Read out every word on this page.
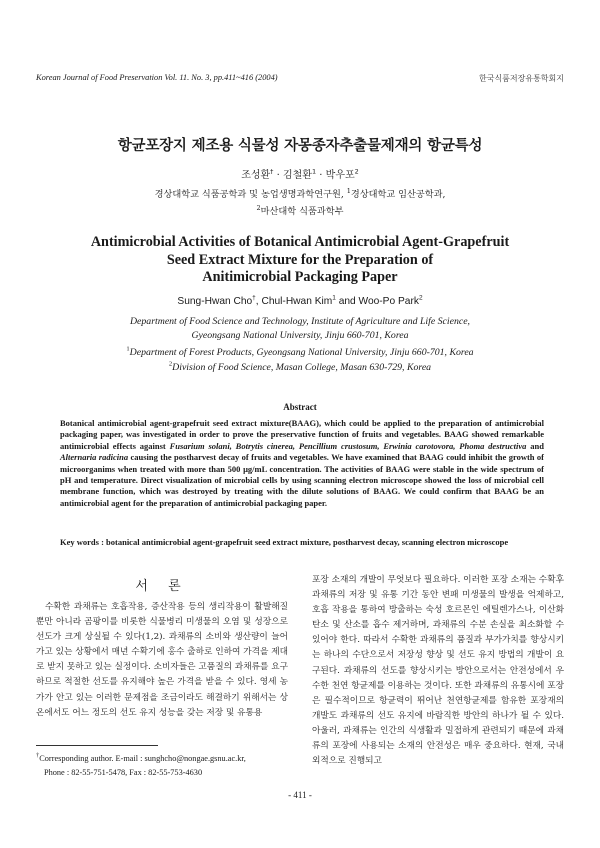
Korean Journal of Food Preservation Vol. 11. No. 3, pp.411~416 (2004)	한국식품저장유통학회지
항균포장지 제조용 식물성 자몽종자추출물제재의 항균특성
조성환† · 김철환$^1$ · 박우포$^2$
경상대학교 식품공학과 및 농업생명과학연구원, $^1$경상대학교 임산공학과,
$^2$마산대학 식품과학부
Antimicrobial Activities of Botanical Antimicrobial Agent-Grapefruit
Seed Extract Mixture for the Preparation of
Anitimicrobial Packaging Paper
Sung-Hwan Cho†, Chul-Hwan Kim$^1$ and Woo-Po Park$^2$
Department of Food Science and Technology, Institute of Agriculture and Life Science,
Gyeongsang National University, Jinju 660-701, Korea
$^1$Department of Forest Products, Gyeongsang National University, Jinju 660-701, Korea
$^2$Division of Food Science, Masan College, Masan 630-729, Korea
Abstract
Botanical antimicrobial agent-grapefruit seed extract mixture(BAAG), which could be applied to the preparation of antimicrobial packaging paper, was investigated in order to prove the preservative function of fruits and vegetables. BAAG showed remarkable antimicrobial effects against Fusarium solani, Botrytis cinerea, Pencillium crustosum, Erwinia carotovora, Phoma destructiva and Alternaria radicina causing the postharvest decay of fruits and vegetables. We have examined that BAAG could inhibit the growth of microorganims when treated with more than 500 μg/mL concentration. The activities of BAAG were stable in the wide spectrum of pH and temperature. Direct visualization of microbial cells by using scanning electron microscope showed the loss of microbial cell membrane function, which was destroyed by treating with the dilute solutions of BAAG. We could confirm that BAAG be an antimicrobial agent for the preparation of antimicrobial packaging paper.
Key words : botanical antimicrobial agent-grapefruit seed extract mixture, postharvest decay, scanning electron microscope
서 론
수확한 과채류는 호흡작용, 증산작용 등의 생리작용이 활발해질 뿐만 아니라 곰팡이를 비롯한 식물병리 미생물의 오염 및 성장으로 선도가 크게 상실될 수 있다(1,2). 과채류의 소비와 생산량이 늘어가고 있는 상황에서 매년 수확기에 홍수 출하로 인하여 가격을 제대로 받지 못하고 있는 실정이다. 소비자들은 고품질의 과채류를 요구하므로 적절한 선도를 유지해야 높은 가격을 받을 수 있다. 영세 농가가 안고 있는 이러한 문제점을 조금이라도 해결하기 위해서는 상온에서도 어느 정도의 선도 유지 성능을 갖는 저장 및 유통용
포장 소재의 개발이 무엇보다 필요하다. 이러한 포장 소재는 수확후 과채류의 저장 및 유통 기간 동안 변패 미생물의 발생을 억제하고, 호흡 작용을 통하여 방출하는 숙성 호르몬인 에틸렌가스나, 이산화탄소 및 산소를 흡수 제거하며, 과채류의 수분 손실을 최소화할 수 있어야 한다. 따라서 수확한 과채류의 품질과 부가가치를 향상시키는 하나의 수단으로서 저장성 향상 및 선도 유지 방법의 개발이 요구된다. 과채류의 선도를 향상시키는 방안으로서는 안전성에서 우수한 천연 항균제를 이용하는 것이다. 또한 과채류의 유통시에 포장은 필수적이므로 항균력이 뛰어난 천연항균제를 함유한 포장재의 개발도 과채류의 선도 유지에 바람직한 방안의 하나가 될 수 있다. 아울러, 과채류는 인간의 식생활과 밀접하게 관련되기 때문에 과채류의 포장에 사용되는 소재의 안전성은 매우 중요하다. 현재, 국내외적으로 진행되고
†Corresponding author. E-mail : sunghcho@nongae.gsnu.ac.kr,
Phone : 82-55-751-5478, Fax : 82-55-753-4630
- 411 -
